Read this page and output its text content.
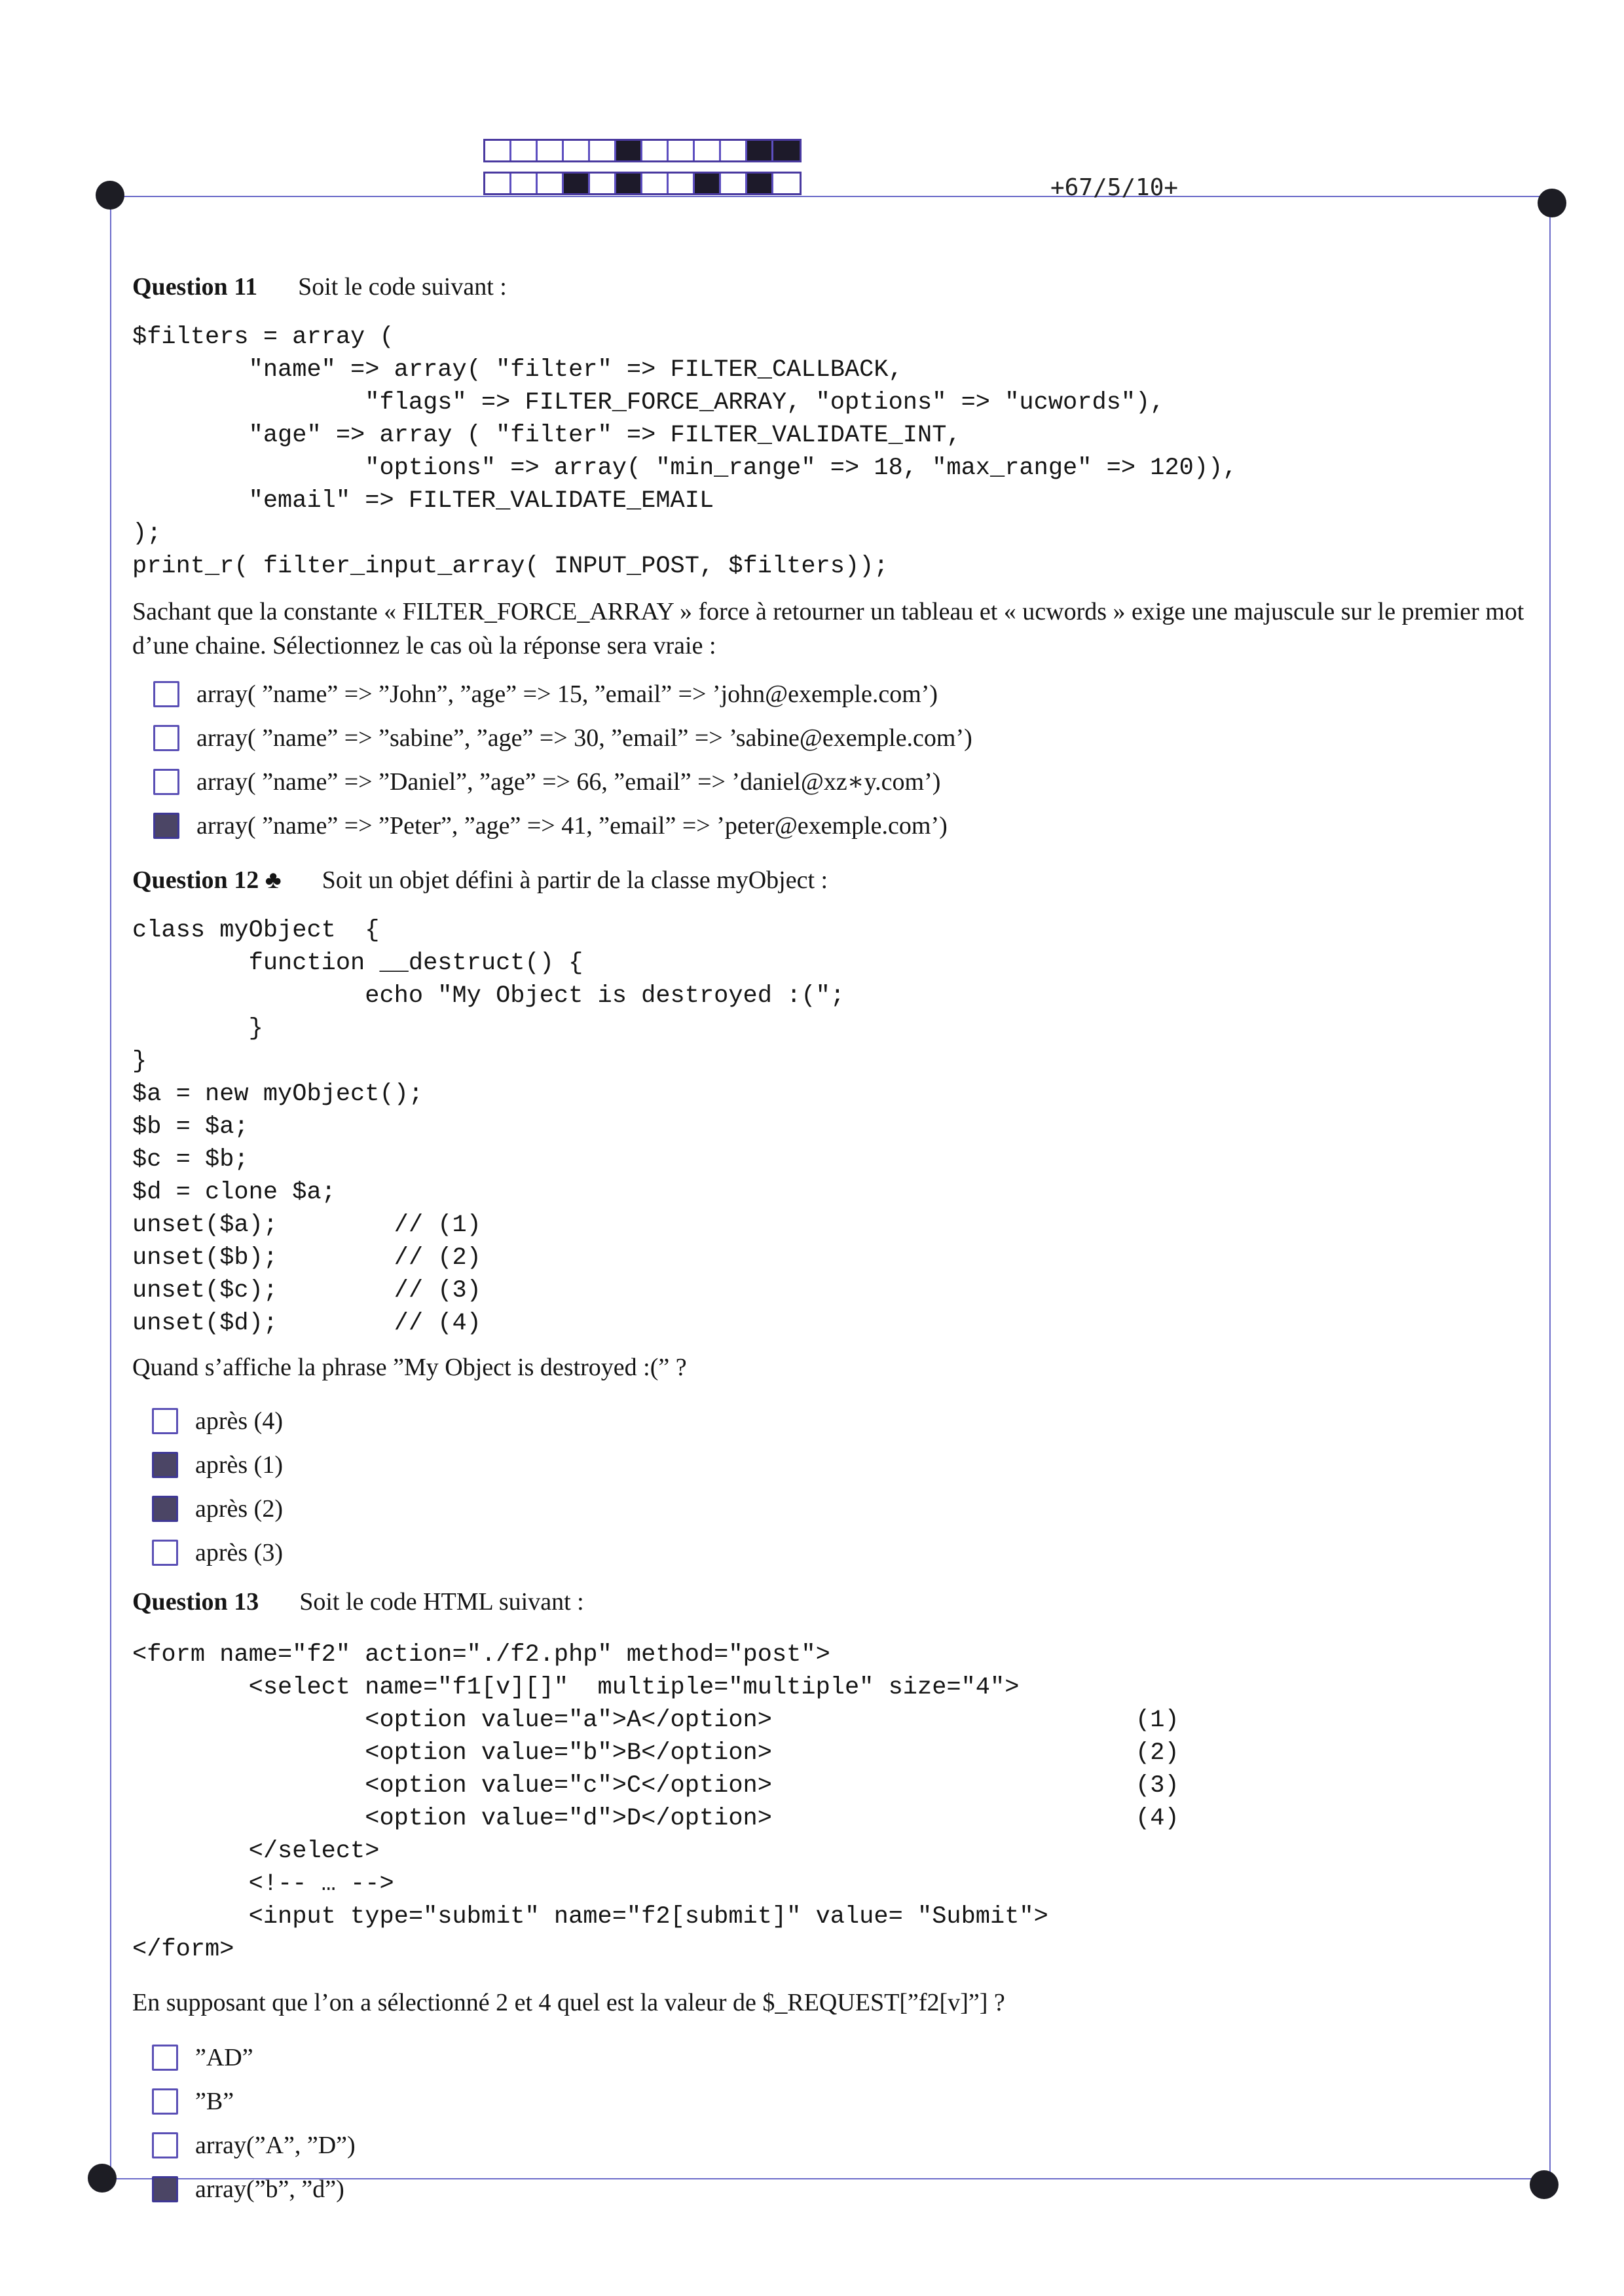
+67/5/10+

Question 11 Soit le code suivant :

$filters = array (
"name" => array( "filter" => FILTER_CALLBACK,
"flags" => FILTER_FORCE_ARRAY, "options" => "ucwords"),
"age" => array ( "filter" => FILTER_VALIDATE_INT,
"options" => array( "min_range" => 18, "max_range" => 120)),
"email" => FILTER_VALIDATE_EMAIL
);
print_r( filter_input_array( INPUT_POST, $filters));

Sachant que la constante « FILTER_FORCE_ARRAY » force à retourner un tableau et « ucwords » exige une majuscule sur le premier mot d’une chaine. Sélectionnez le cas où la réponse sera vraie :

array( ”name” => ”John”, ”age” => 15, ”email” => ’john@exemple.com’)
array( ”name” => ”sabine”, ”age” => 30, ”email” => ’sabine@exemple.com’)
array( ”name” => ”Daniel”, ”age” => 66, ”email” => ’daniel@xz∗y.com’)
array( ”name” => ”Peter”, ”age” => 41, ”email” => ’peter@exemple.com’)

Question 12 ♣ Soit un objet défini à partir de la classe myObject :

class myObject  {
function __destruct() {
echo "My Object is destroyed :(";
}
}
$a = new myObject();
$b = $a;
$c = $b;
$d = clone $a;
unset($a);        // (1)
unset($b);        // (2)
unset($c);        // (3)
unset($d);        // (4)

Quand s’affiche la phrase ”My Object is destroyed :(” ?

après (4)
après (1)
après (2)
après (3)

Question 13 Soit le code HTML suivant :

<form name="f2" action="./f2.php" method="post">
<select name="f1[v][]"  multiple="multiple" size="4">
<option value="a">A</option>                         (1)
<option value="b">B</option>                         (2)
<option value="c">C</option>                         (3)
<option value="d">D</option>                         (4)
</select>
<!-- … -->
<input type="submit" name="f2[submit]" value= "Submit">
</form>

En supposant que l’on a sélectionné 2 et 4 quel est la valeur de $_REQUEST[”f2[v]”] ?

”AD”
”B”
array(”A”, ”D”)
array(”b”, ”d”)
